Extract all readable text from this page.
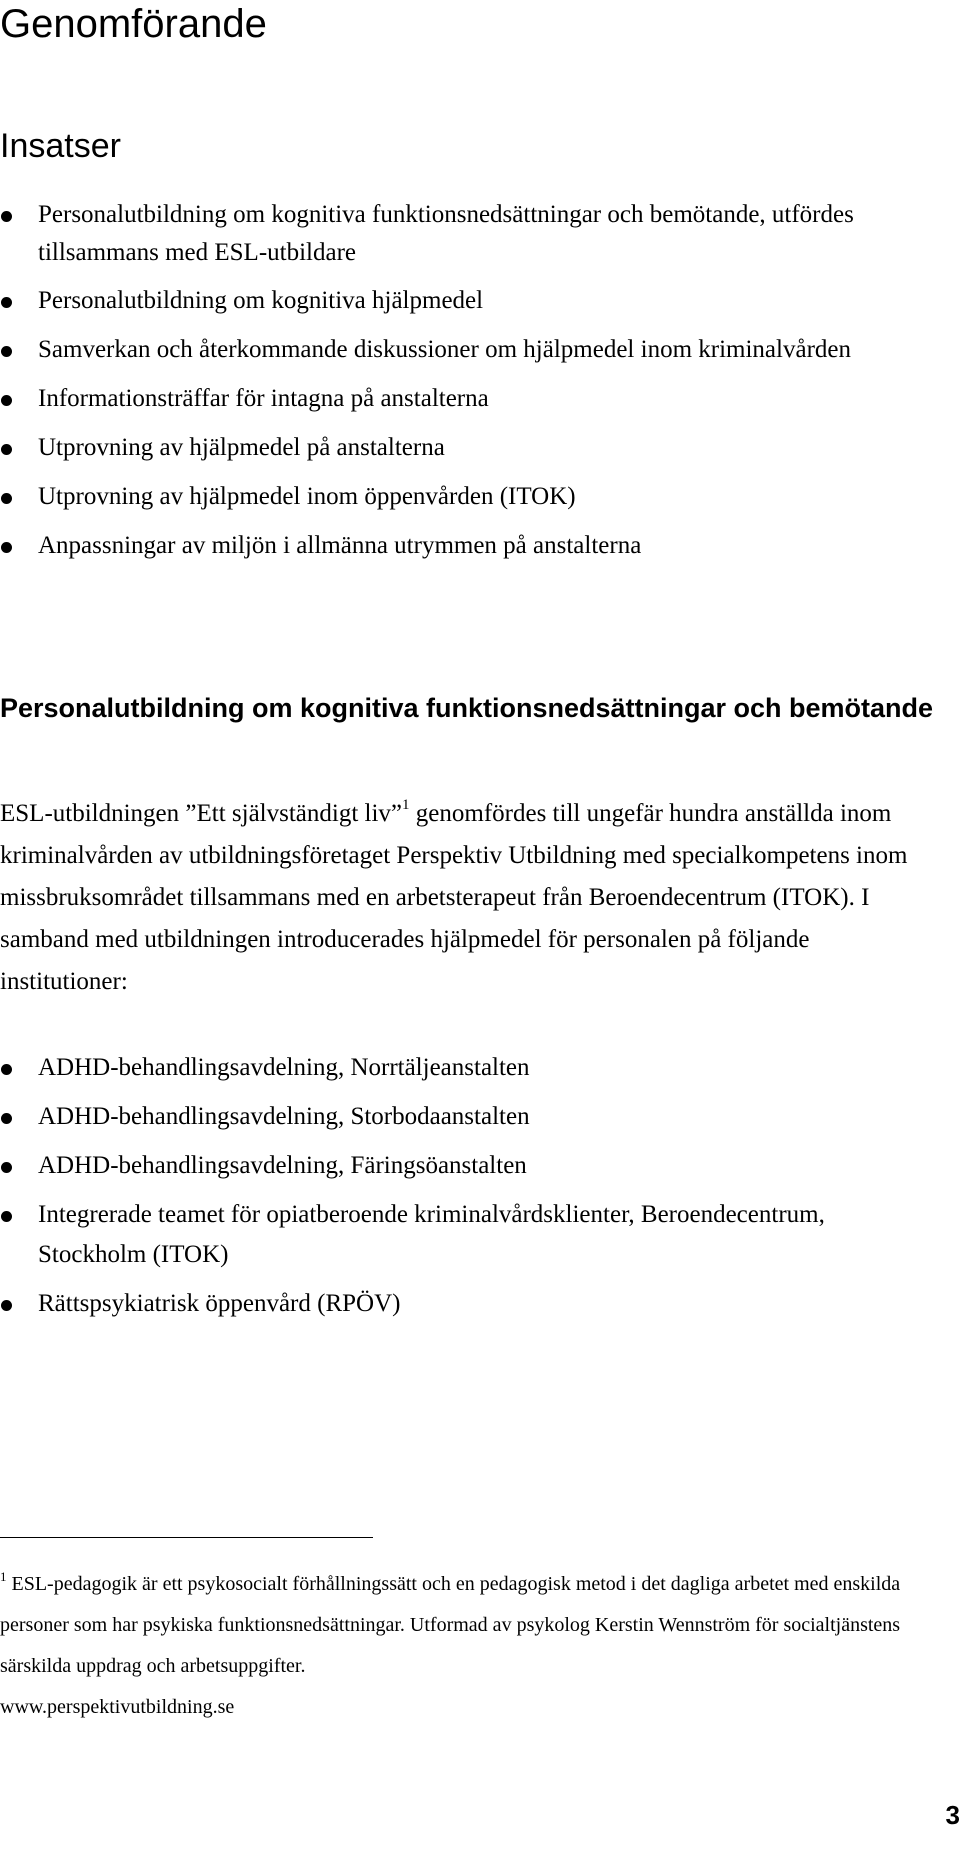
Genomförande
Insatser
Personalutbildning om kognitiva funktionsnedsättningar och bemötande, utfördes tillsammans med ESL-utbildare
Personalutbildning om kognitiva hjälpmedel
Samverkan och återkommande diskussioner om hjälpmedel inom kriminalvården
Informationsträffar för intagna på anstalterna
Utprovning av hjälpmedel på anstalterna
Utprovning av hjälpmedel inom öppenvården (ITOK)
Anpassningar av miljön i allmänna utrymmen på anstalterna
Personalutbildning om kognitiva funktionsnedsättningar och bemötande

ESL-utbildningen ”Ett självständigt liv”$^1$ genomfördes till ungefär hundra anställda inom kriminalvården av utbildningsföretaget Perspektiv Utbildning med specialkompetens inom missbruksområdet tillsammans med en arbetsterapeut från Beroendecentrum (ITOK). I samband med utbildningen introducerades hjälpmedel för personalen på följande institutioner:

ADHD-behandlingsavdelning, Norrtäljeanstalten
ADHD-behandlingsavdelning, Storbodaanstalten
ADHD-behandlingsavdelning, Färingsöanstalten
Integrerade teamet för opiatberoende kriminalvårdsklienter, Beroendecentrum, Stockholm (ITOK)
Rättspsykiatrisk öppenvård (RPÖV)

$^1$ ESL-pedagogik är ett psykosocialt förhållningssätt och en pedagogisk metod i det dagliga arbetet med enskilda personer som har psykiska funktionsnedsättningar. Utformad av psykolog Kerstin Wennström för socialtjänstens särskilda uppdrag och arbetsuppgifter.
www.perspektivutbildning.se

3
